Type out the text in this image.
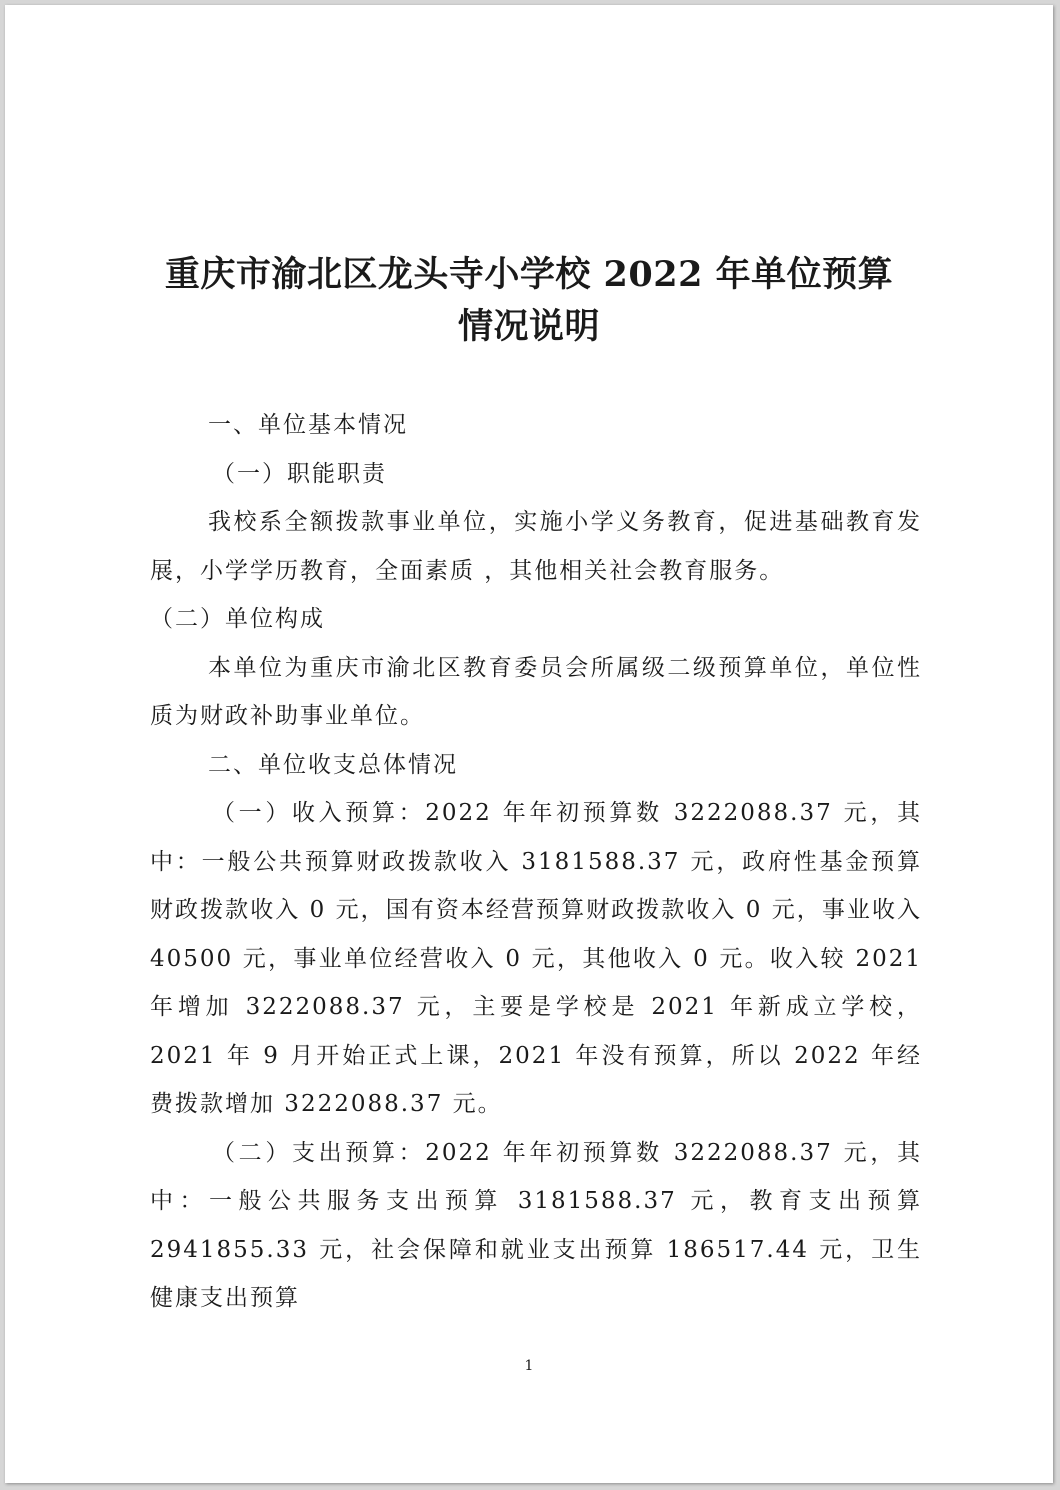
重庆市渝北区龙头寺小学校 2022 年单位预算
情况说明

一、单位基本情况

（一）职能职责

我校系全额拨款事业单位，实施小学义务教育，促进基础教育发展，小学学历教育，全面素质 ，其他相关社会教育服务。

（二）单位构成

本单位为重庆市渝北区教育委员会所属级二级预算单位，单位性质为财政补助事业单位。

二、单位收支总体情况

（一）收入预算：2022 年年初预算数 3222088.37 元，其中：一般公共预算财政拨款收入 3181588.37 元，政府性基金预算财政拨款收入 0 元，国有资本经营预算财政拨款收入 0 元，事业收入 40500 元，事业单位经营收入 0 元，其他收入 0 元。收入较 2021 年增加 3222088.37 元，主要是学校是 2021 年新成立学校，2021 年 9 月开始正式上课，2021 年没有预算，所以 2022 年经费拨款增加 3222088.37 元。

（二）支出预算：2022 年年初预算数 3222088.37 元，其中：一般公共服务支出预算 3181588.37 元，教育支出预算 2941855.33 元，社会保障和就业支出预算 186517.44 元，卫生健康支出预算

1
